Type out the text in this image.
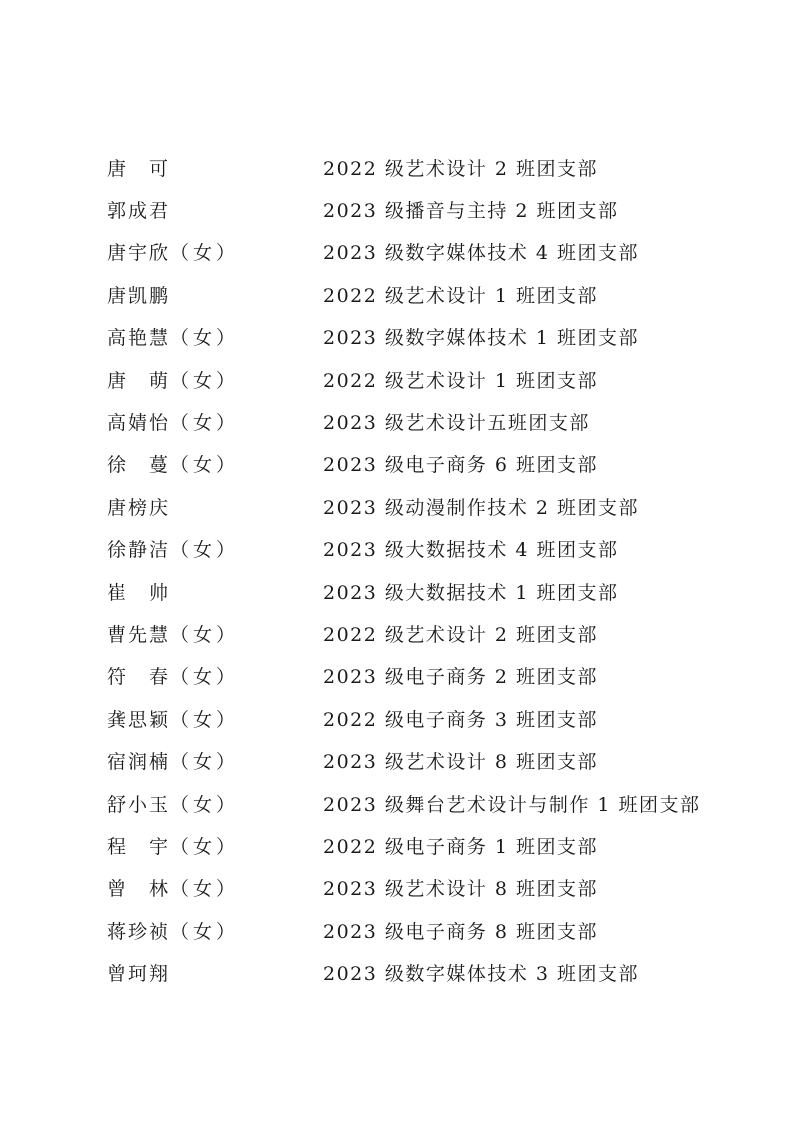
唐　可	2022 级艺术设计 2 班团支部
郭成君	2023 级播音与主持 2 班团支部
唐宇欣（女）	2023 级数字媒体技术 4 班团支部
唐凯鹏	2022 级艺术设计 1 班团支部
高艳慧（女）	2023 级数字媒体技术 1 班团支部
唐　萌（女）	2022 级艺术设计 1 班团支部
高婧怡（女）	2023 级艺术设计五班团支部
徐　蔓（女）	2023 级电子商务 6 班团支部
唐榜庆	2023 级动漫制作技术 2 班团支部
徐静洁（女）	2023 级大数据技术 4 班团支部
崔　帅	2023 级大数据技术 1 班团支部
曹先慧（女）	2022 级艺术设计 2 班团支部
符　春（女）	2023 级电子商务 2 班团支部
龚思颖（女）	2022 级电子商务 3 班团支部
宿润楠（女）	2023 级艺术设计 8 班团支部
舒小玉（女）	2023 级舞台艺术设计与制作 1 班团支部
程　宇（女）	2022 级电子商务 1 班团支部
曾　林（女）	2023 级艺术设计 8 班团支部
蒋珍祯（女）	2023 级电子商务 8 班团支部
曾珂翔	2023 级数字媒体技术 3 班团支部
